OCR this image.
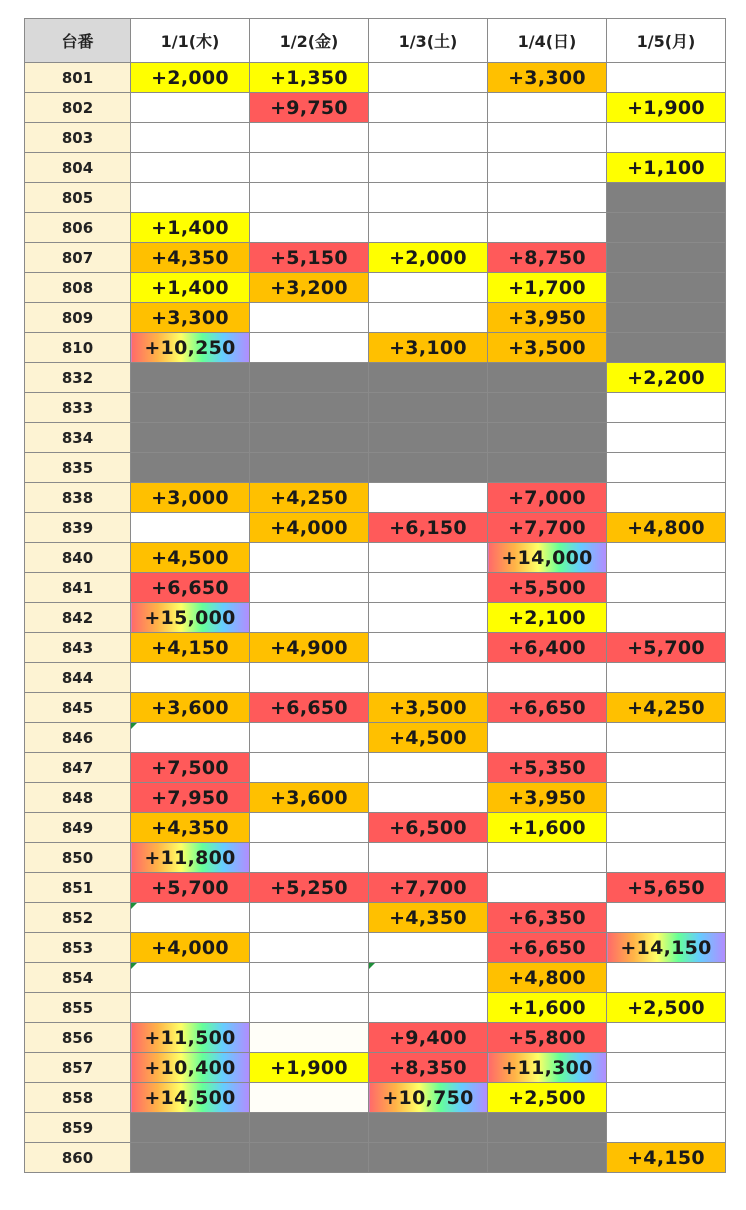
台番	1/1(木)	1/2(金)	1/3(土)	1/4(日)	1/5(月)
801	+2,000	+1,350		+3,300	
802		+9,750			+1,900
803					
804					+1,100
805					
806	+1,400				
807	+4,350	+5,150	+2,000	+8,750	
808	+1,400	+3,200		+1,700	
809	+3,300			+3,950	
810	+10,250		+3,100	+3,500	
832					+2,200
833					
834					
835					
838	+3,000	+4,250		+7,000	
839		+4,000	+6,150	+7,700	+4,800
840	+4,500			+14,000	
841	+6,650			+5,500	
842	+15,000			+2,100	
843	+4,150	+4,900		+6,400	+5,700
844					
845	+3,600	+6,650	+3,500	+6,650	+4,250
846			+4,500		
847	+7,500			+5,350	
848	+7,950	+3,600		+3,950	
849	+4,350		+6,500	+1,600	
850	+11,800				
851	+5,700	+5,250	+7,700		+5,650
852			+4,350	+6,350	
853	+4,000			+6,650	+14,150
854				+4,800	
855				+1,600	+2,500
856	+11,500		+9,400	+5,800	
857	+10,400	+1,900	+8,350	+11,300	
858	+14,500		+10,750	+2,500	
859					
860					+4,150
